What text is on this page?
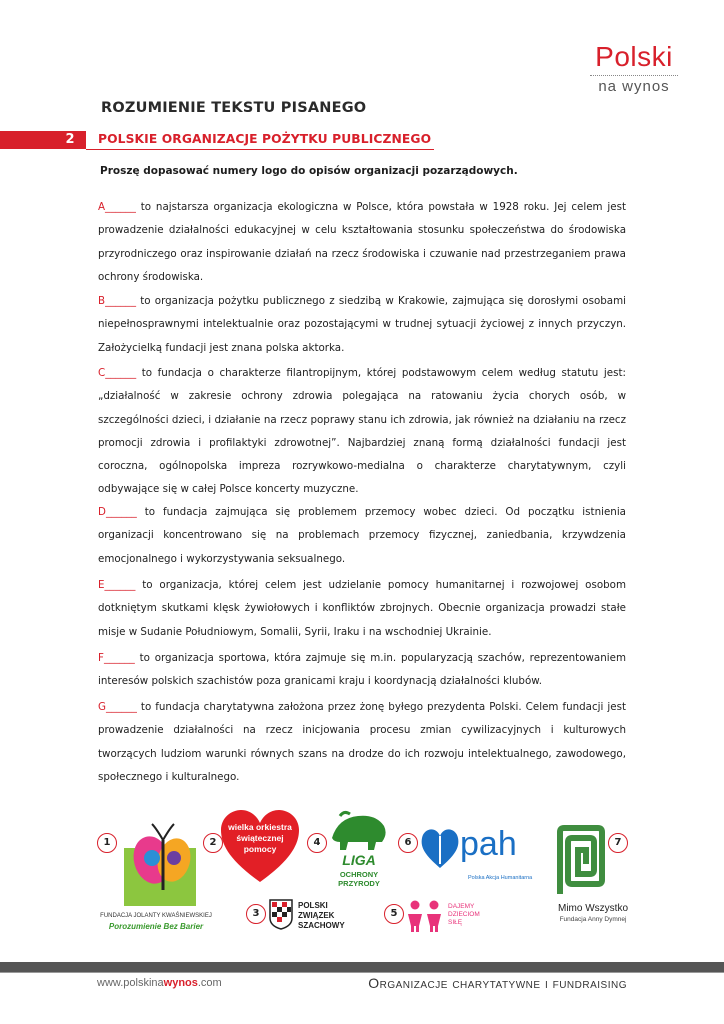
Polski
na wynos
ROZUMIENIE TEKSTU PISANEGO
2	POLSKIE ORGANIZACJE POŻYTKU PUBLICZNEGO
Proszę dopasować numery logo do opisów organizacji pozarządowych.
A______ to najstarsza organizacja ekologiczna w Polsce, która powstała w 1928 roku. Jej celem jest prowadzenie działalności edukacyjnej w celu kształtowania stosunku społeczeństwa do środowiska przyrodniczego oraz inspirowanie działań na rzecz środowiska i czuwanie nad przestrzeganiem prawa ochrony środowiska.
B______ to organizacja pożytku publicznego z siedzibą w Krakowie, zajmująca się dorosłymi osobami niepełnosprawnymi intelektualnie oraz pozostającymi w trudnej sytuacji życiowej z innych przyczyn. Założycielką fundacji jest znana polska aktorka.
C______ to fundacja o charakterze filantropijnym, której podstawowym celem według statutu jest: „działalność w zakresie ochrony zdrowia polegająca na ratowaniu życia chorych osób, w szczególności dzieci, i działanie na rzecz poprawy stanu ich zdrowia, jak również na działaniu na rzecz promocji zdrowia i profilaktyki zdrowotnej”. Najbardziej znaną formą działalności fundacji jest coroczna, ogólnopolska impreza rozrywkowo-medialna o charakterze charytatywnym, czyli odbywające się w całej Polsce koncerty muzyczne.
D______ to fundacja zajmująca się problemem przemocy wobec dzieci. Od początku istnienia organizacji koncentrowano się na problemach przemocy fizycznej, zaniedbania, krzywdzenia emocjonalnego i wykorzystywania seksualnego.
E______ to organizacja, której celem jest udzielanie pomocy humanitarnej i rozwojowej osobom dotkniętym skutkami klęsk żywiołowych i konfliktów zbrojnych. Obecnie organizacja prowadzi stałe misje w Sudanie Południowym, Somalii, Syrii, Iraku i na wschodniej Ukrainie.
F______ to organizacja sportowa, która zajmuje się m.in. popularyzacją szachów, reprezentowaniem interesów polskich szachistów poza granicami kraju i koordynacją działalności klubów.
G______ to fundacja charytatywna założona przez żonę byłego prezydenta Polski. Celem fundacji jest prowadzenie działalności na rzecz inicjowania procesu zmian cywilizacyjnych i kulturowych tworzących ludziom warunki równych szans na drodze do ich rozwoju intelektualnego, zawodowego, społecznego i kulturalnego.
1
FUNDACJA JOLANTY KWAŚNIEWSKIEJ
Porozumienie Bez Barier
2
wielka orkiestra
świątecznej
pomocy
3
POLSKI
ZWIĄZEK
SZACHOWY
4
LIGA
OCHRONY
PRZYRODY
5
DAJEMY
DZIECIOM
SIŁĘ
6 pah
Polska Akcja Humanitarna
7
Mimo Wszystko
Fundacja Anny Dymnej
www.polskinawynos.com	Organizacje charytatywne i fundraising
